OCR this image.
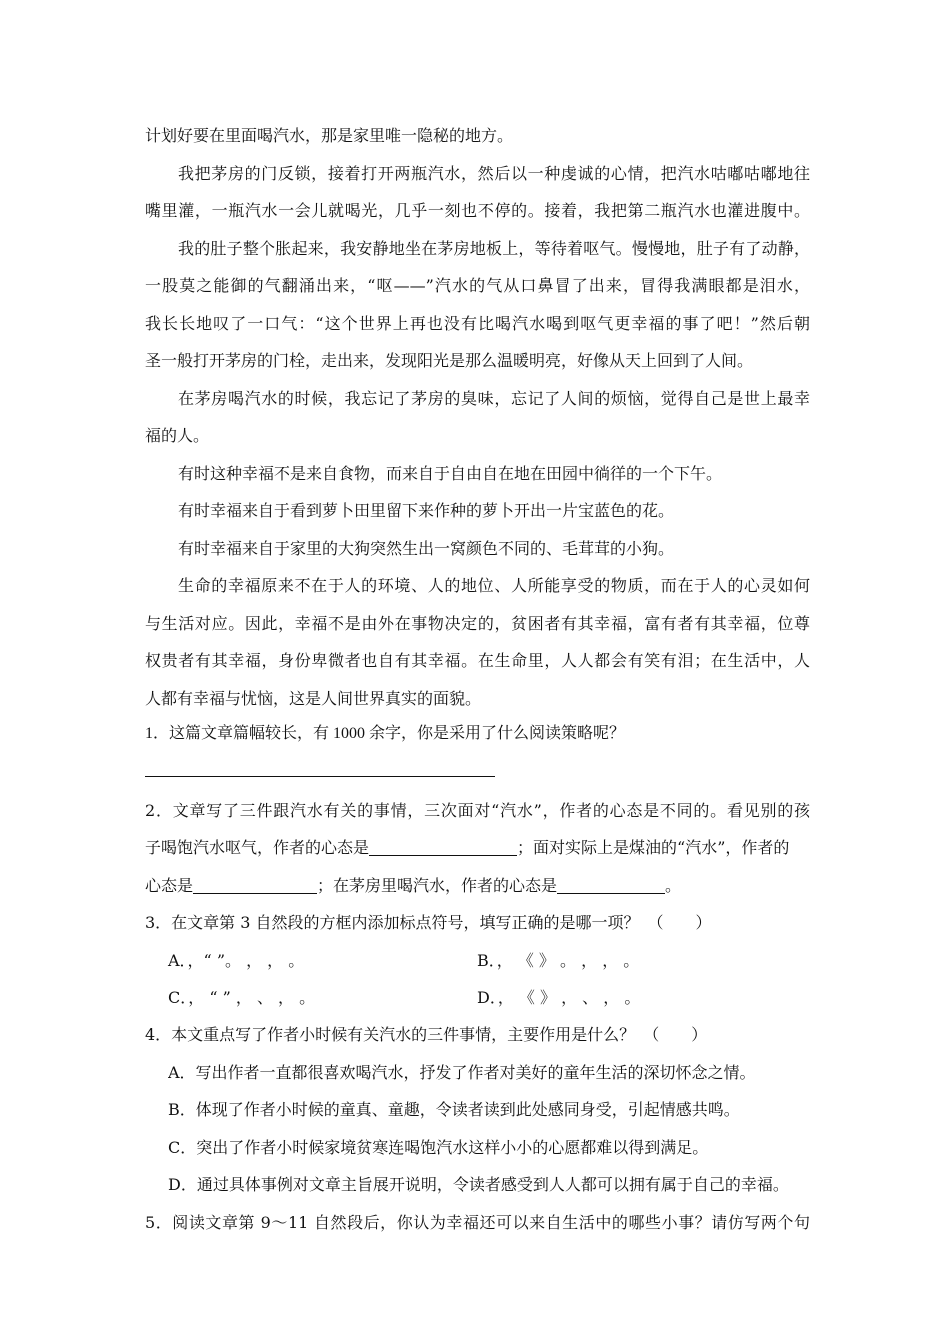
计划好要在里面喝汽水，那是家里唯一隐秘的地方。
我把茅房的门反锁，接着打开两瓶汽水，然后以一种虔诚的心情，把汽水咕嘟咕嘟地往
嘴里灌，一瓶汽水一会儿就喝光，几乎一刻也不停的。接着，我把第二瓶汽水也灌进腹中。
我的肚子整个胀起来，我安静地坐在茅房地板上，等待着呕气。慢慢地，肚子有了动静，
一股莫之能御的气翻涌出来，“呕——”汽水的气从口鼻冒了出来，冒得我满眼都是泪水，
我长长地叹了一口气：“这个世界上再也没有比喝汽水喝到呕气更幸福的事了吧！”然后朝
圣一般打开茅房的门栓，走出来，发现阳光是那么温暖明亮，好像从天上回到了人间。
在茅房喝汽水的时候，我忘记了茅房的臭味，忘记了人间的烦恼，觉得自己是世上最幸
福的人。
有时这种幸福不是来自食物，而来自于自由自在地在田园中徜徉的一个下午。
有时幸福来自于看到萝卜田里留下来作种的萝卜开出一片宝蓝色的花。
有时幸福来自于家里的大狗突然生出一窝颜色不同的、毛茸茸的小狗。
生命的幸福原来不在于人的环境、人的地位、人所能享受的物质，而在于人的心灵如何
与生活对应。因此，幸福不是由外在事物决定的，贫困者有其幸福，富有者有其幸福，位尊
权贵者有其幸福，身份卑微者也自有其幸福。在生命里，人人都会有笑有泪；在生活中，人
人都有幸福与忧恼，这是人间世界真实的面貌。
1．这篇文章篇幅较长，有 1000 余字，你是采用了什么阅读策略呢？
2．文章写了三件跟汽水有关的事情，三次面对“汽水”，作者的心态是不同的。看见别的孩
子喝饱汽水呕气，作者的心态是	；面对实际上是煤油的“汽水”，作者的
心态是	；在茅房里喝汽水，作者的心态是	。
3．在文章第 3 自然段的方框内添加标点符号，填写正确的是哪一项？ （　　）
A．，“ ”。 ， ， 。	B．， 《 》 。 ， ， 。
C．， “ ” ， 、 ， 。	D．， 《 》 ， 、 ， 。
4．本文重点写了作者小时候有关汽水的三件事情，主要作用是什么？ （　　）
A．写出作者一直都很喜欢喝汽水，抒发了作者对美好的童年生活的深切怀念之情。
B．体现了作者小时候的童真、童趣，令读者读到此处感同身受，引起情感共鸣。
C．突出了作者小时候家境贫寒连喝饱汽水这样小小的心愿都难以得到满足。
D．通过具体事例对文章主旨展开说明，令读者感受到人人都可以拥有属于自己的幸福。
5．阅读文章第 9～11 自然段后，你认为幸福还可以来自生活中的哪些小事？请仿写两个句
